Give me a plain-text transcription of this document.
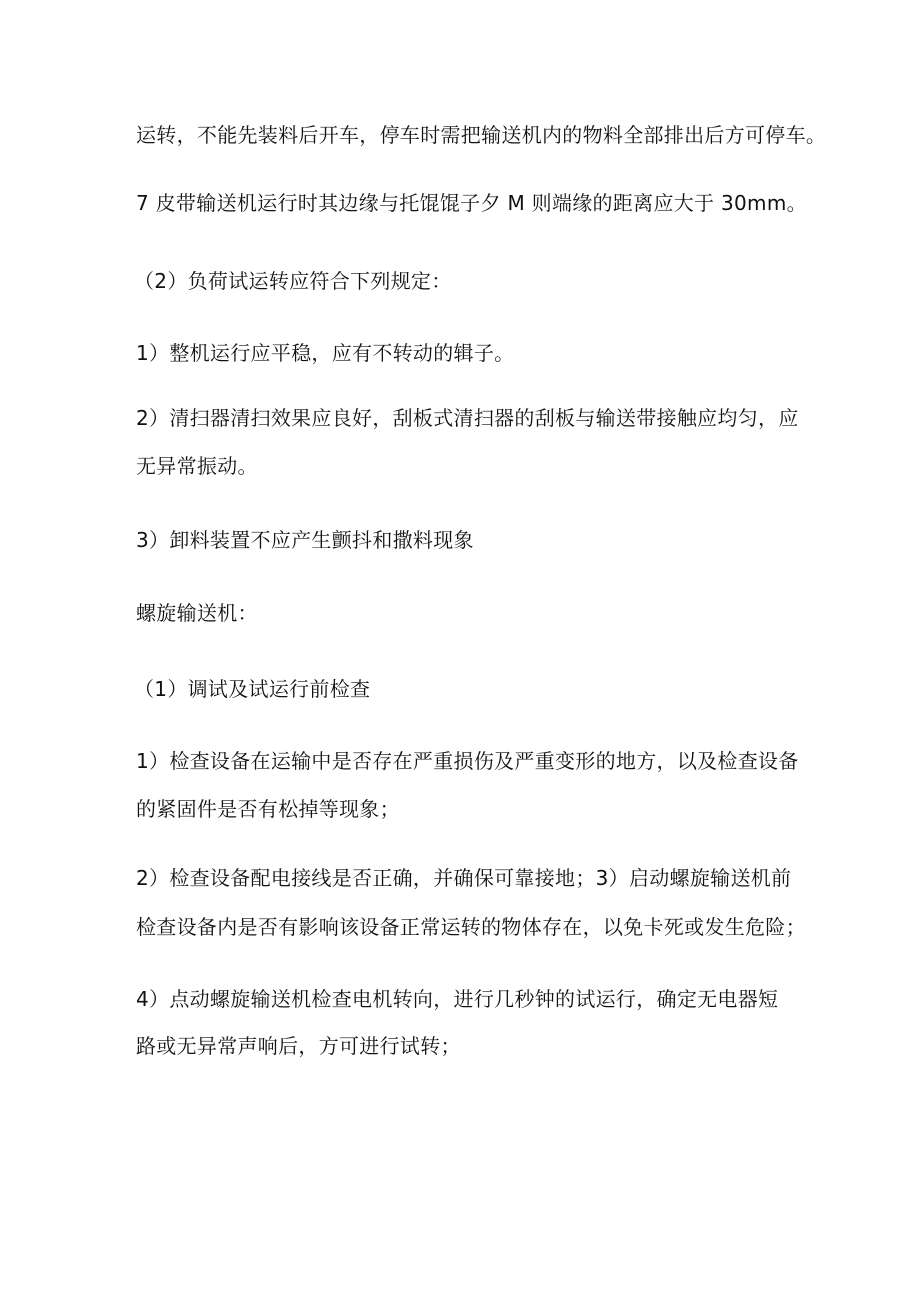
运转，不能先装料后开车，停车时需把输送机内的物料全部排出后方可停车。
7 皮带输送机运行时其边缘与托馄馄子夕 M 则端缘的距离应大于 30mm。
（2）负荷试运转应符合下列规定：
1）整机运行应平稳，应有不转动的辑子。
2）清扫器清扫效果应良好，刮板式清扫器的刮板与输送带接触应均匀，应
无异常振动。
3）卸料装置不应产生颤抖和撒料现象
螺旋输送机：
（1）调试及试运行前检查
1）检查设备在运输中是否存在严重损伤及严重变形的地方，以及检查设备
的紧固件是否有松掉等现象；
2）检查设备配电接线是否正确，并确保可靠接地；3）启动螺旋输送机前
检查设备内是否有影响该设备正常运转的物体存在，以免卡死或发生危险；
4）点动螺旋输送机检查电机转向，进行几秒钟的试运行，确定无电器短
路或无异常声响后，方可进行试转；
